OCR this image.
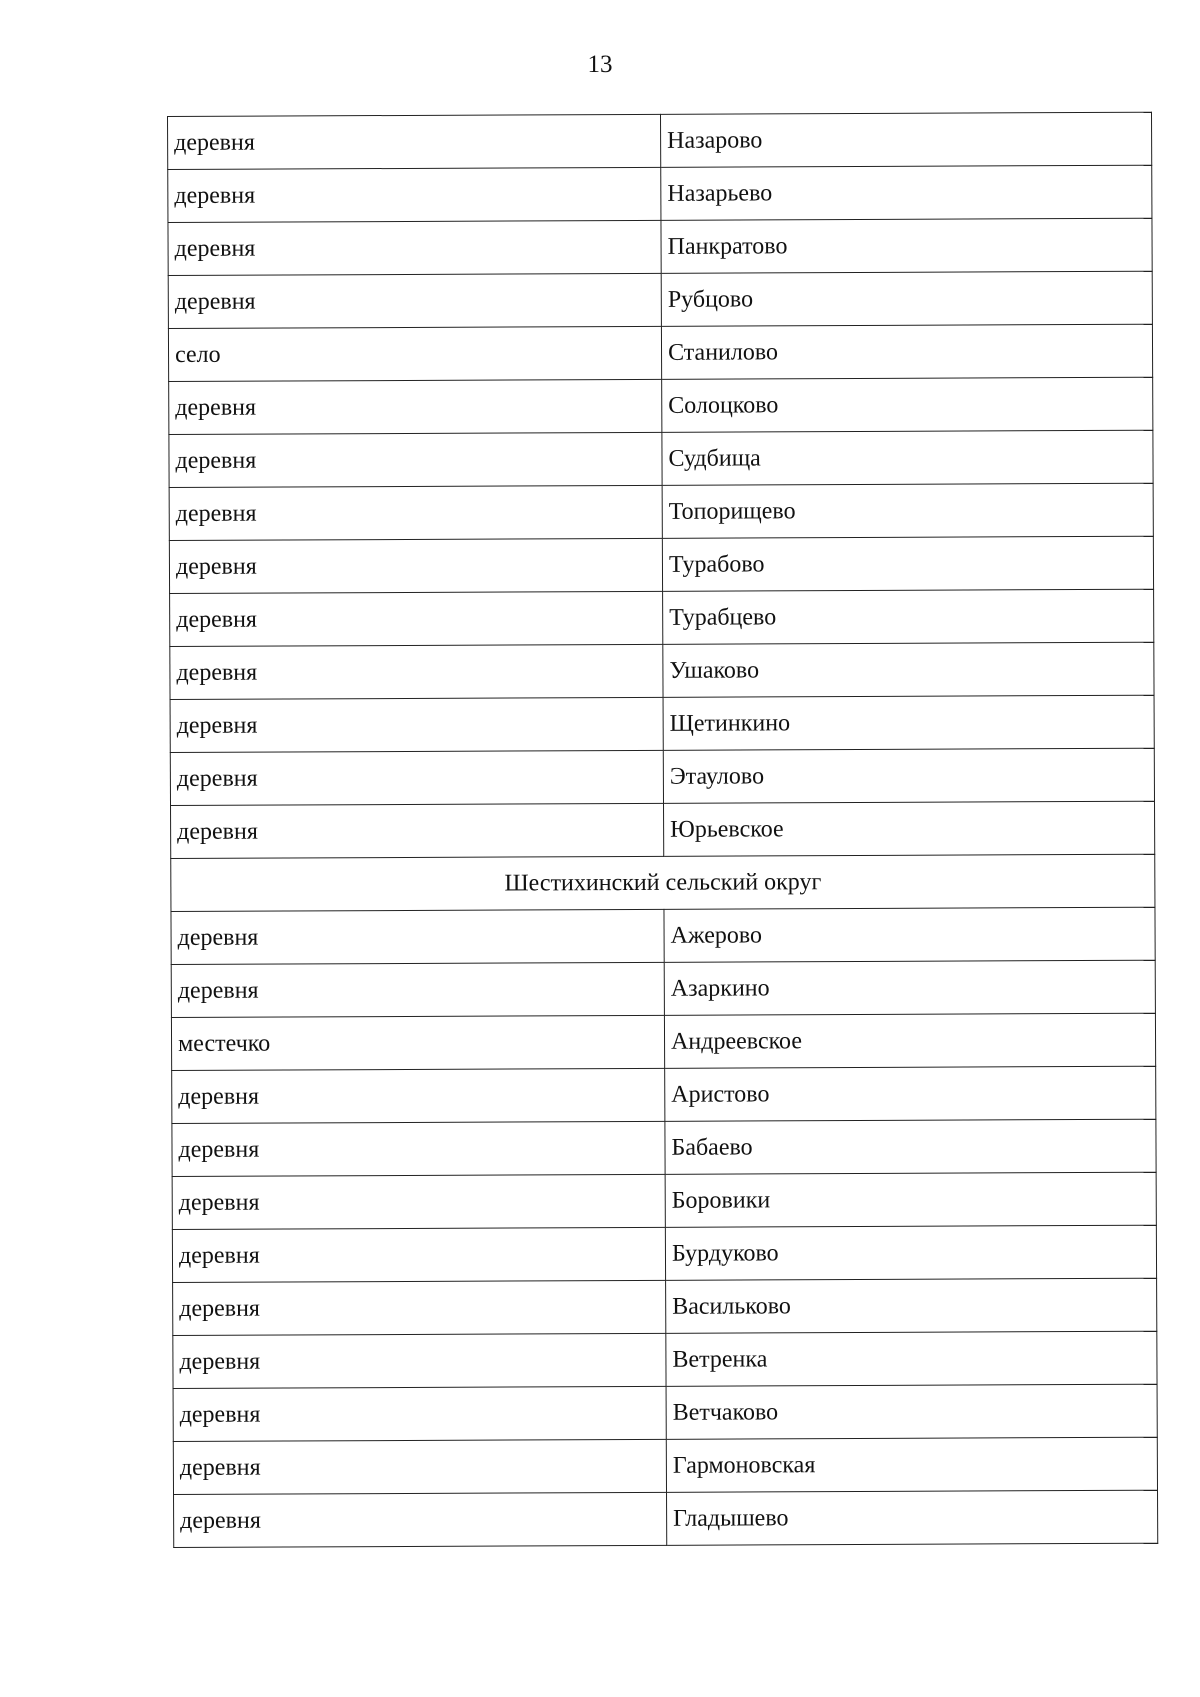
13
деревня	Назарово
деревня	Назарьево
деревня	Панкратово
деревня	Рубцово
село	Станилово
деревня	Солоцково
деревня	Судбища
деревня	Топорищево
деревня	Турабово
деревня	Турабцево
деревня	Ушаково
деревня	Щетинкино
деревня	Этаулово
деревня	Юрьевское
Шестихинский сельский округ	
деревня	Ажерово
деревня	Азаркино
местечко	Андреевское
деревня	Аристово
деревня	Бабаево
деревня	Боровики
деревня	Бурдуково
деревня	Васильково
деревня	Ветренка
деревня	Ветчаково
деревня	Гармоновская
деревня	Гладышево
